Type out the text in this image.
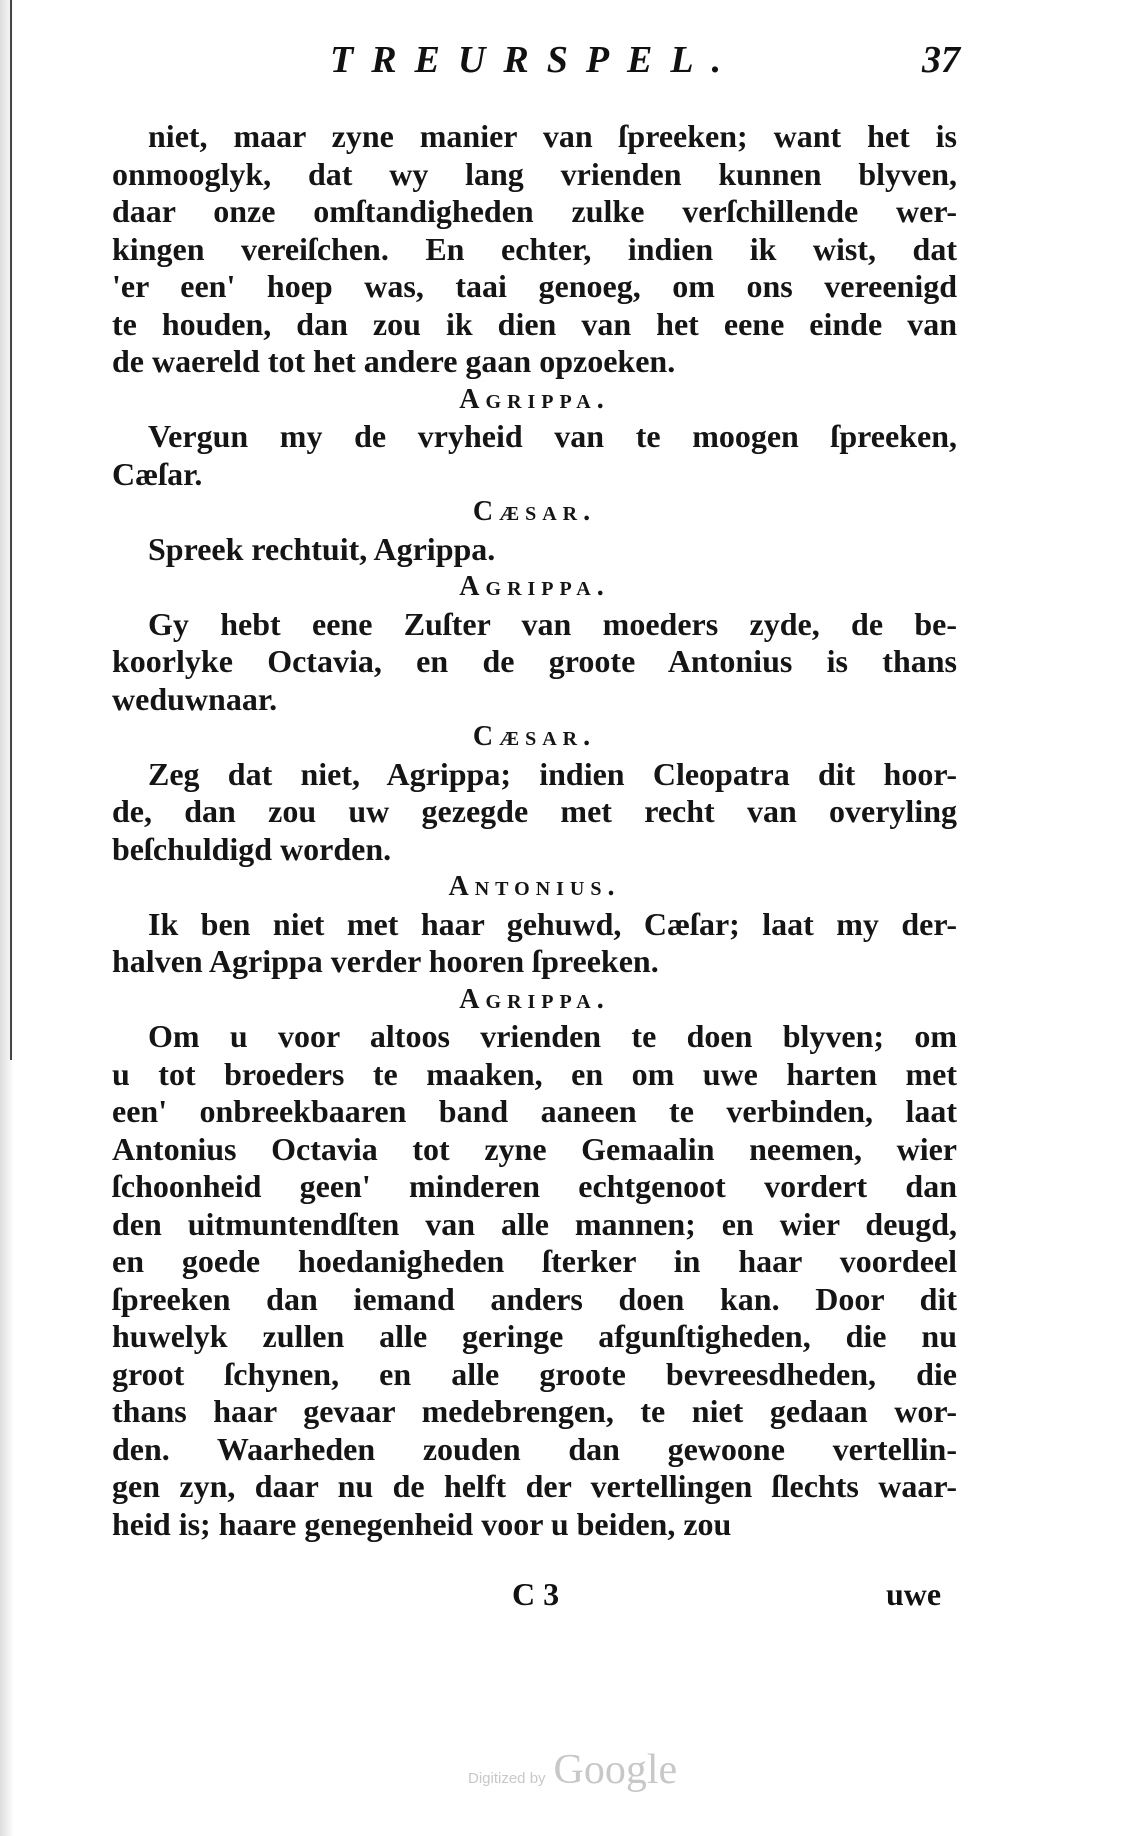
TREURSPEL.	37
niet, maar zyne manier van ſpreeken; want het is
onmooglyk, dat wy lang vrienden kunnen blyven,
daar onze omſtandigheden zulke verſchillende wer-
kingen vereiſchen. En echter, indien ik wist, dat
'er een' hoep was, taai genoeg, om ons vereenigd
te houden, dan zou ik dien van het eene einde van
de waereld tot het andere gaan opzoeken.
Agrippa.
Vergun my de vryheid van te moogen ſpreeken,
Cæſar.
Cæsar.
Spreek rechtuit, Agrippa.
Agrippa.
Gy hebt eene Zuſter van moeders zyde, de be-
koorlyke Octavia, en de groote Antonius is thans
weduwnaar.
Cæsar.
Zeg dat niet, Agrippa; indien Cleopatra dit hoor-
de, dan zou uw gezegde met recht van overyling
beſchuldigd worden.
Antonius.
Ik ben niet met haar gehuwd, Cæſar; laat my der-
halven Agrippa verder hooren ſpreeken.
Agrippa.
Om u voor altoos vrienden te doen blyven; om
u tot broeders te maaken, en om uwe harten met
een' onbreekbaaren band aaneen te verbinden, laat
Antonius Octavia tot zyne Gemaalin neemen, wier
ſchoonheid geen' minderen echtgenoot vordert dan
den uitmuntendſten van alle mannen; en wier deugd,
en goede hoedanigheden ſterker in haar voordeel
ſpreeken dan iemand anders doen kan. Door dit
huwelyk zullen alle geringe afgunſtigheden, die nu
groot ſchynen, en alle groote bevreesdheden, die
thans haar gevaar medebrengen, te niet gedaan wor-
den. Waarheden zouden dan gewoone vertellin-
gen zyn, daar nu de helft der vertellingen ſlechts waar-
heid is; haare genegenheid voor u beiden, zou
C 3	uwe
Digitized by Google
